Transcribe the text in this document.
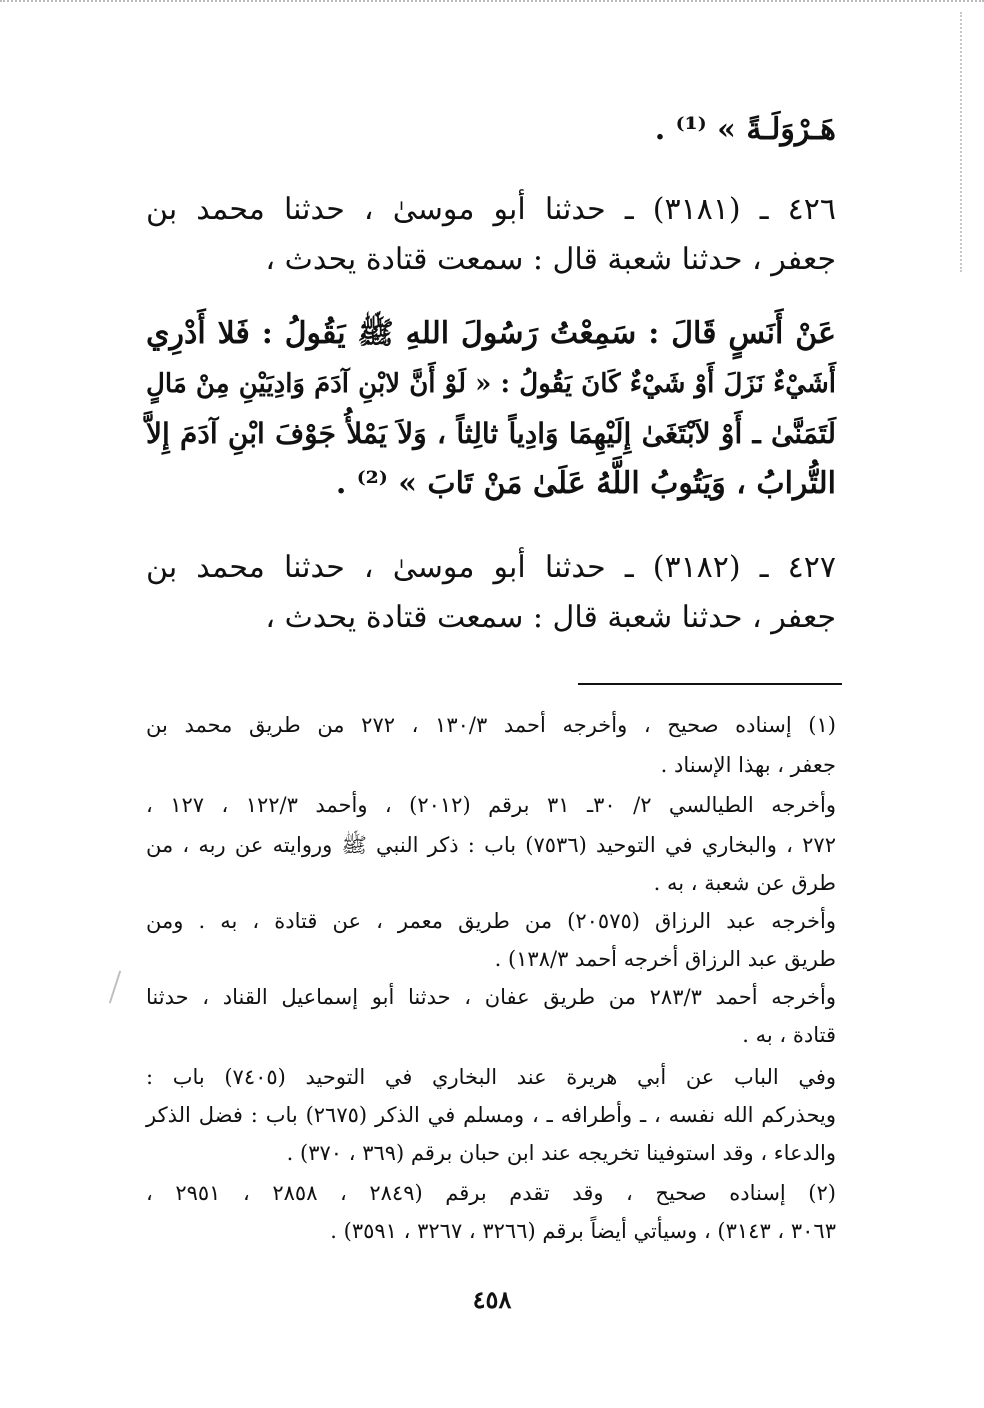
هَـرْوَلَـةً » ⁽¹⁾ .
٤٢٦ ـ (٣١٨١) ـ حدثنا أبو موسىٰ ، حدثنا محمد بن
جعفر ، حدثنا شعبة قال : سمعت قتادة يحدث ،
عَنْ أَنَسٍ قَالَ : سَمِعْتُ رَسُولَ اللهِ ﷺ يَقُولُ : فَلا أَدْرِي
أَشَيْءٌ نَزَلَ أَوْ شَيْءٌ كَانَ يَقُولُ : « لَوْ أَنَّ لابْنِ آدَمَ وَادِيَيْنِ مِنْ مَالٍ
لَتَمَنَّىٰ ـ أَوْ لاَبْتَغَىٰ إِلَيْهِمَا وَادِياً ثالِثاً ، وَلاَ يَمْلأُ جَوْفَ ابْنِ آدَمَ إِلاَّ
التُّرابُ ، وَيَتُوبُ اللَّهُ عَلَىٰ مَنْ تَابَ » ⁽²⁾ .
٤٢٧ ـ (٣١٨٢) ـ حدثنا أبو موسىٰ ، حدثنا محمد بن
جعفر ، حدثنا شعبة قال : سمعت قتادة يحدث ،
(١) إسناده صحيح ، وأخرجه أحمد ١٣٠/٣ ، ٢٧٢ من طريق محمد بن
جعفر ، بهذا الإسناد .
وأخرجه الطيالسي ٢/ ٣٠ـ ٣١ برقم (٢٠١٢) ، وأحمد ١٢٢/٣ ، ١٢٧ ،
٢٧٢ ، والبخاري في التوحيد (٧٥٣٦) باب : ذكر النبي ﷺ وروايته عن ربه ، من
طرق عن شعبة ، به .
وأخرجه عبد الرزاق (٢٠٥٧٥) من طريق معمر ، عن قتادة ، به . ومن
طريق عبد الرزاق أخرجه أحمد ١٣٨/٣) .
وأخرجه أحمد ٢٨٣/٣ من طريق عفان ، حدثنا أبو إسماعيل القناد ، حدثنا
قتادة ، به .
وفي الباب عن أبي هريرة عند البخاري في التوحيد (٧٤٠٥) باب :
ويحذركم الله نفسه ، ـ وأطرافه ـ ، ومسلم في الذكر (٢٦٧٥) باب : فضل الذكر
والدعاء ، وقد استوفينا تخريجه عند ابن حبان برقم (٣٦٩ ، ٣٧٠) .
(٢) إسناده صحيح ، وقد تقدم برقم (٢٨٤٩ ، ٢٨٥٨ ، ٢٩٥١ ،
٣٠٦٣ ، ٣١٤٣) ، وسيأتي أيضاً برقم (٣٢٦٦ ، ٣٢٦٧ ، ٣٥٩١) .
٤٥٨
